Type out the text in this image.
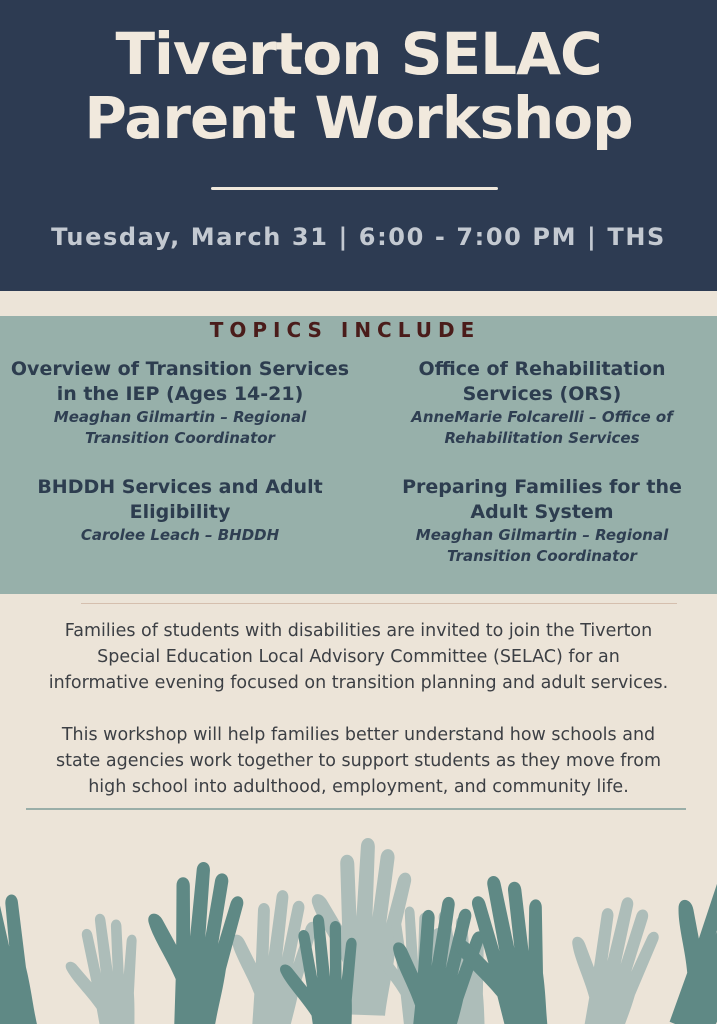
Tiverton SELAC
Parent Workshop
Tuesday, March 31 | 6:00 - 7:00 PM | THS
TOPICS INCLUDE
Overview of Transition Services
in the IEP (Ages 14-21)
Meaghan Gilmartin – Regional
Transition Coordinator
Office of Rehabilitation
Services (ORS)
AnneMarie Folcarelli – Office of
Rehabilitation Services
BHDDH Services and Adult
Eligibility
Carolee Leach – BHDDH
Preparing Families for the
Adult System
Meaghan Gilmartin – Regional
Transition Coordinator
Families of students with disabilities are invited to join the Tiverton
Special Education Local Advisory Committee (SELAC) for an
informative evening focused on transition planning and adult services.
This workshop will help families better understand how schools and
state agencies work together to support students as they move from
high school into adulthood, employment, and community life.
